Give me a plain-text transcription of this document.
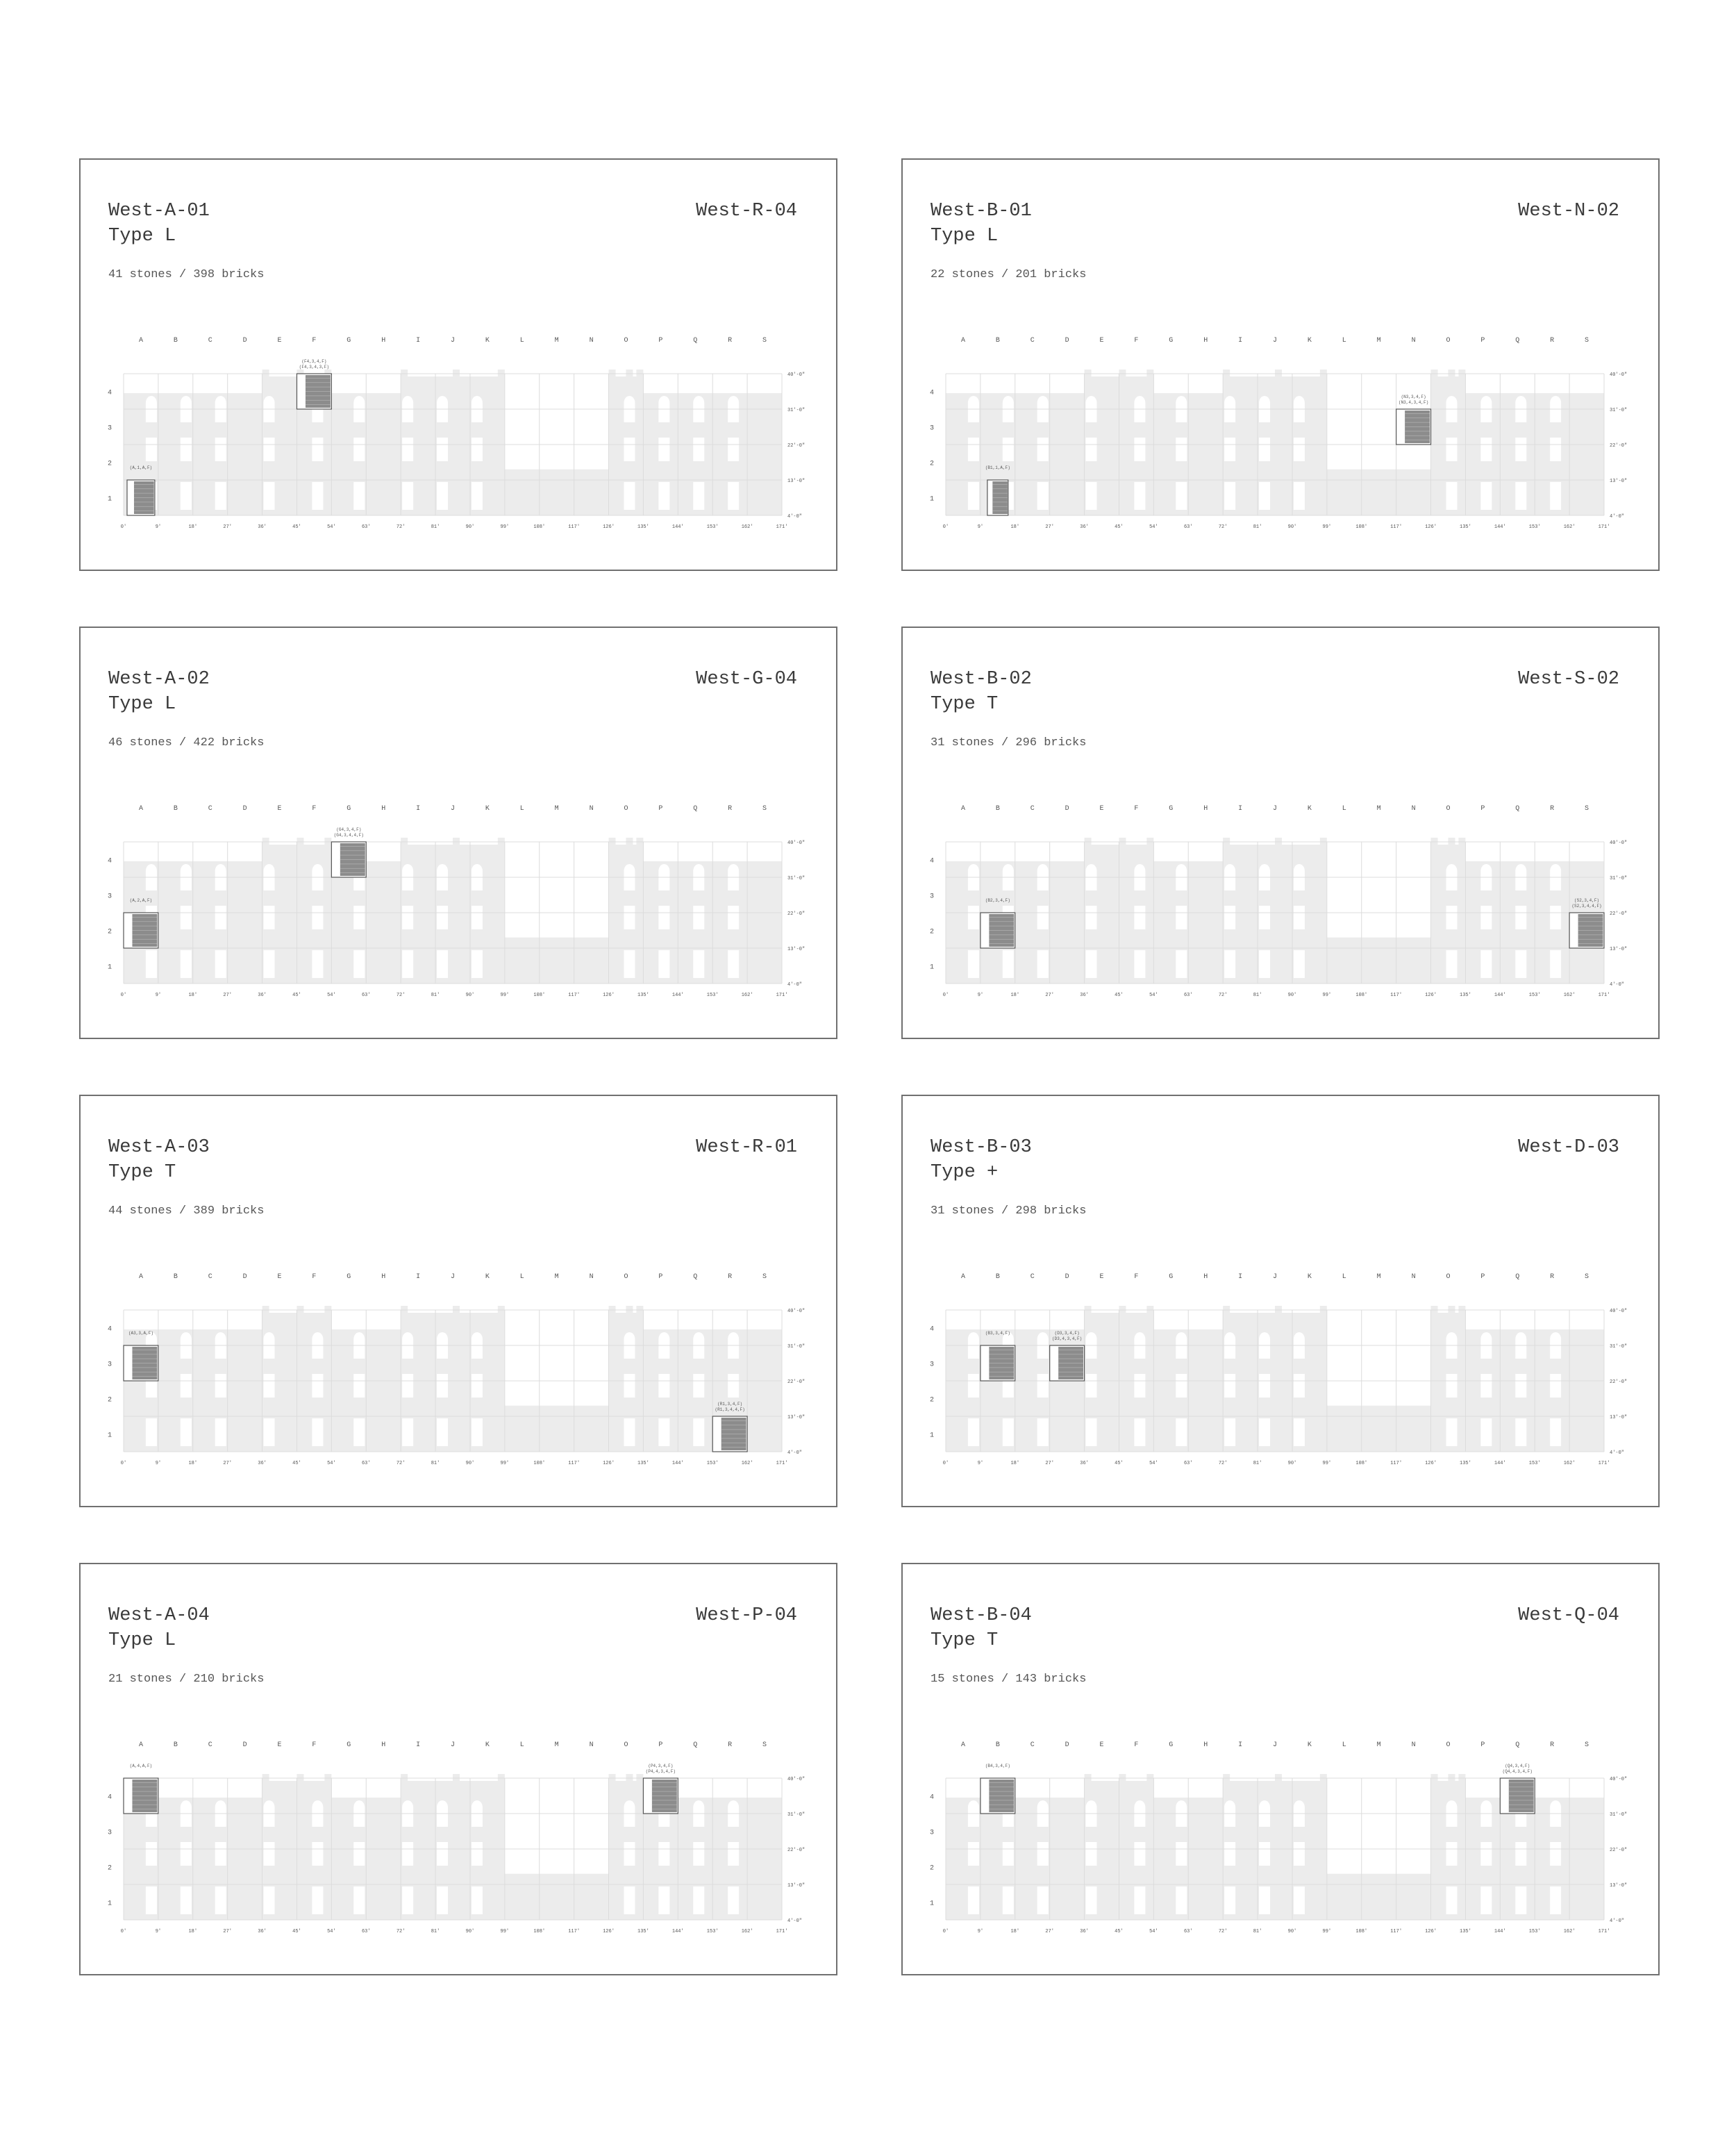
West-A-01
Type L
West-R-04
41 stones / 398 bricks
A	B	C	D	E	F	G	H	I	J	K	L	M	N	O	P	Q	R	S
1
2
3
4
(F4,3,4,F)
(F4,3,4,3,F)
(A,1,A,F)
0'	9'	18'	27'	36'	45'	54'	63'	72'	81'	90'	99'	108'	117'	126'	135'	144'	153'	162'	171'
4'-0"
13'-0"
22'-0"
31'-0"
40'-0"
West-B-01
Type L
West-N-02
22 stones / 201 bricks
A	B	C	D	E	F	G	H	I	J	K	L	M	N	O	P	Q	R	S
1
2
3
4	(N3,3,4,F)
(N3,4,3,4,F)
(B1,1,A,F)
0'	9'	18'	27'	36'	45'	54'	63'	72'	81'	90'	99'	108'	117'	126'	135'	144'	153'	162'	171'
4'-0"
13'-0"
22'-0"
31'-0"
40'-0"
West-A-02
Type L
West-G-04
46 stones / 422 bricks
A	B	C	D	E	F	G	H	I	J	K	L	M	N	O	P	Q	R	S
1
2
3
4
(G4,3,4,F)
(G4,3,4,4,F)
(A,2,A,F)
0'	9'	18'	27'	36'	45'	54'	63'	72'	81'	90'	99'	108'	117'	126'	135'	144'	153'	162'	171'
4'-0"
13'-0"
22'-0"
31'-0"
40'-0"
West-B-02
Type T
West-S-02
31 stones / 296 bricks
A	B	C	D	E	F	G	H	I	J	K	L	M	N	O	P	Q	R	S
1
2
3
4
(B2,3,4,F)	(S2,3,4,F)
(S2,3,4,4,F)
0'	9'	18'	27'	36'	45'	54'	63'	72'	81'	90'	99'	108'	117'	126'	135'	144'	153'	162'	171'
4'-0"
13'-0"
22'-0"
31'-0"
40'-0"
West-A-03
Type T
West-R-01
44 stones / 389 bricks
A	B	C	D	E	F	G	H	I	J	K	L	M	N	O	P	Q	R	S
1
2
3
4	(A3,3,A,F)
(R1,3,4,F)
(R1,3,4,4,F)
0'	9'	18'	27'	36'	45'	54'	63'	72'	81'	90'	99'	108'	117'	126'	135'	144'	153'	162'	171'
4'-0"
13'-0"
22'-0"
31'-0"
40'-0"
West-B-03
Type +
West-D-03
31 stones / 298 bricks
A	B	C	D	E	F	G	H	I	J	K	L	M	N	O	P	Q	R	S
1
2
3
4	(B3,3,4,F)	(D3,3,4,F)
(D3,4,3,4,F)
0'	9'	18'	27'	36'	45'	54'	63'	72'	81'	90'	99'	108'	117'	126'	135'	144'	153'	162'	171'
4'-0"
13'-0"
22'-0"
31'-0"
40'-0"
West-A-04
Type L
West-P-04
21 stones / 210 bricks
A	B	C	D	E	F	G	H	I	J	K	L	M	N	O	P	Q	R	S
1
2
3
4
(A,4,A,F)	(P4,3,4,F)
(P4,4,3,4,F)
0'	9'	18'	27'	36'	45'	54'	63'	72'	81'	90'	99'	108'	117'	126'	135'	144'	153'	162'	171'
4'-0"
13'-0"
22'-0"
31'-0"
40'-0"
West-B-04
Type T
West-Q-04
15 stones / 143 bricks
A	B	C	D	E	F	G	H	I	J	K	L	M	N	O	P	Q	R	S
1
2
3
4
(B4,3,4,F)	(Q4,3,4,F)
(Q4,4,3,4,F)
0'	9'	18'	27'	36'	45'	54'	63'	72'	81'	90'	99'	108'	117'	126'	135'	144'	153'	162'	171'
4'-0"
13'-0"
22'-0"
31'-0"
40'-0"
